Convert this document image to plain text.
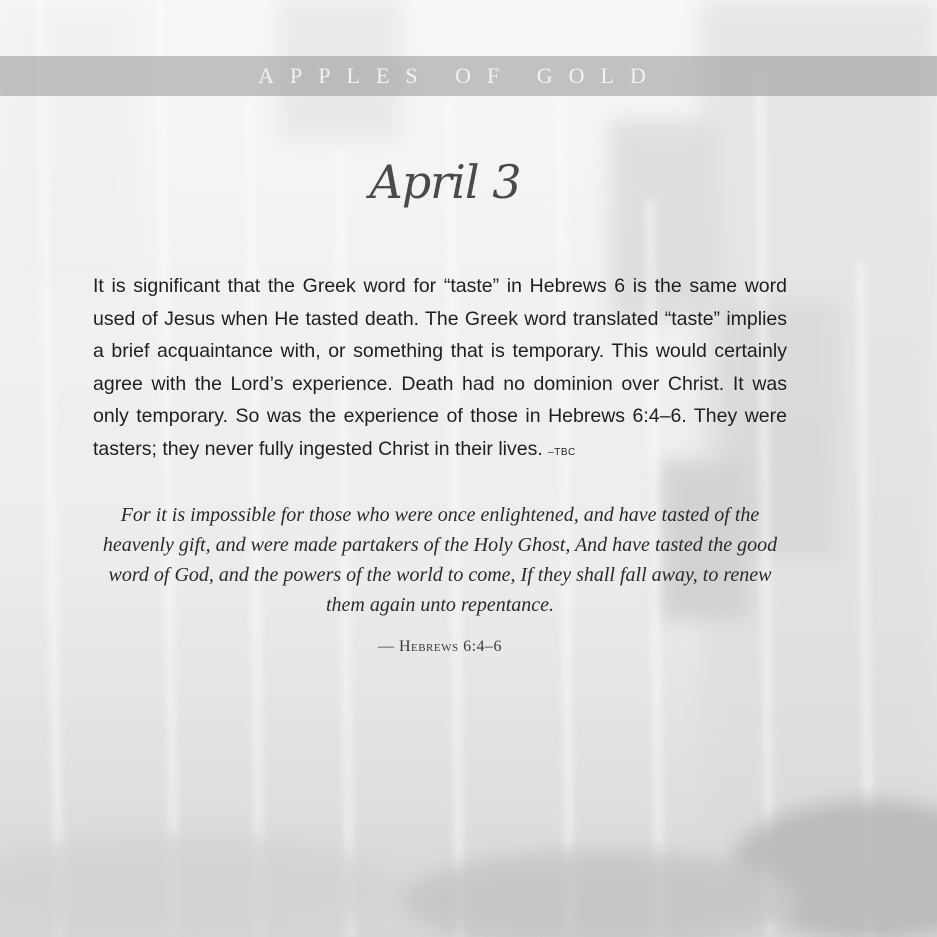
APPLES OF GOLD
April 3

It is significant that the Greek word for “taste” in Hebrews 6 is the same word used of Jesus when He tasted death. The Greek word translated “taste” implies a brief acquaintance with, or something that is temporary. This would certainly agree with the Lord’s experience. Death had no dominion over Christ. It was only temporary. So was the experience of those in Hebrews 6:4–6. They were tasters; they never fully ingested Christ in their lives. –TBC

For it is impossible for those who were once enlightened, and have tasted of the heavenly gift, and were made partakers of the Holy Ghost, And have tasted the good word of God, and the powers of the world to come, If they shall fall away, to renew them again unto repentance.

— Hebrews 6:4–6
